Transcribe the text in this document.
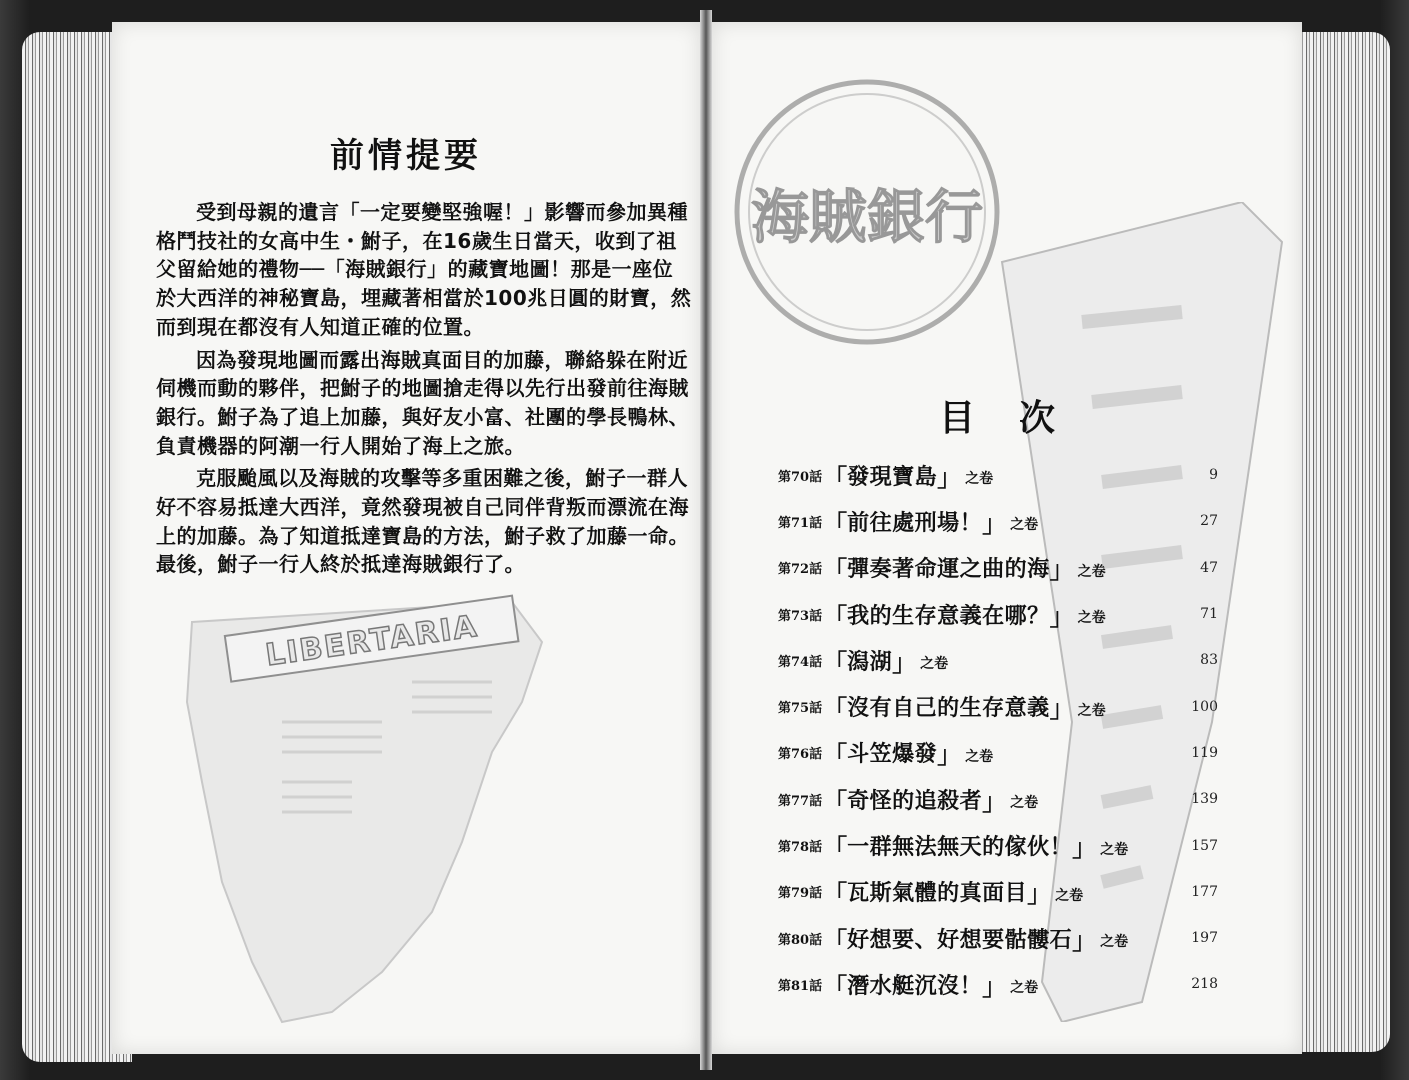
前情提要

受到母親的遺言「一定要變堅強喔！」影響而參加異種格鬥技社的女高中生・鮒子，在16歲生日當天，收到了祖父留給她的禮物──「海賊銀行」的藏寶地圖！那是一座位於大西洋的神秘寶島，埋藏著相當於100兆日圓的財寶，然而到現在都沒有人知道正確的位置。

因為發現地圖而露出海賊真面目的加藤，聯絡躲在附近伺機而動的夥伴，把鮒子的地圖搶走得以先行出發前往海賊銀行。鮒子為了追上加藤，與好友小富、社團的學長鴨林、負責機器的阿潮一行人開始了海上之旅。

克服颱風以及海賊的攻擊等多重困難之後，鮒子一群人好不容易抵達大西洋，竟然發現被自己同伴背叛而漂流在海上的加藤。為了知道抵達寶島的方法，鮒子救了加藤一命。最後，鮒子一行人終於抵達海賊銀行了。

LIBERTARIA
海賊銀行
目次
第70話 「 發現寶島 」 之卷	9
第71話 「 前往處刑場！ 」 之卷	27
第72話 「 彈奏著命運之曲的海 」 之卷	47
第73話 「 我的生存意義在哪？ 」 之卷	71
第74話 「 潟湖 」 之卷	83
第75話 「 沒有自己的生存意義 」 之卷	100
第76話 「 斗笠爆發 」 之卷	119
第77話 「 奇怪的追殺者 」 之卷	139
第78話 「 一群無法無天的傢伙！ 」 之卷	157
第79話 「 瓦斯氣體的真面目 」 之卷	177
第80話 「 好想要、好想要骷髏石 」 之卷	197
第81話 「 潛水艇沉沒！ 」 之卷	218
